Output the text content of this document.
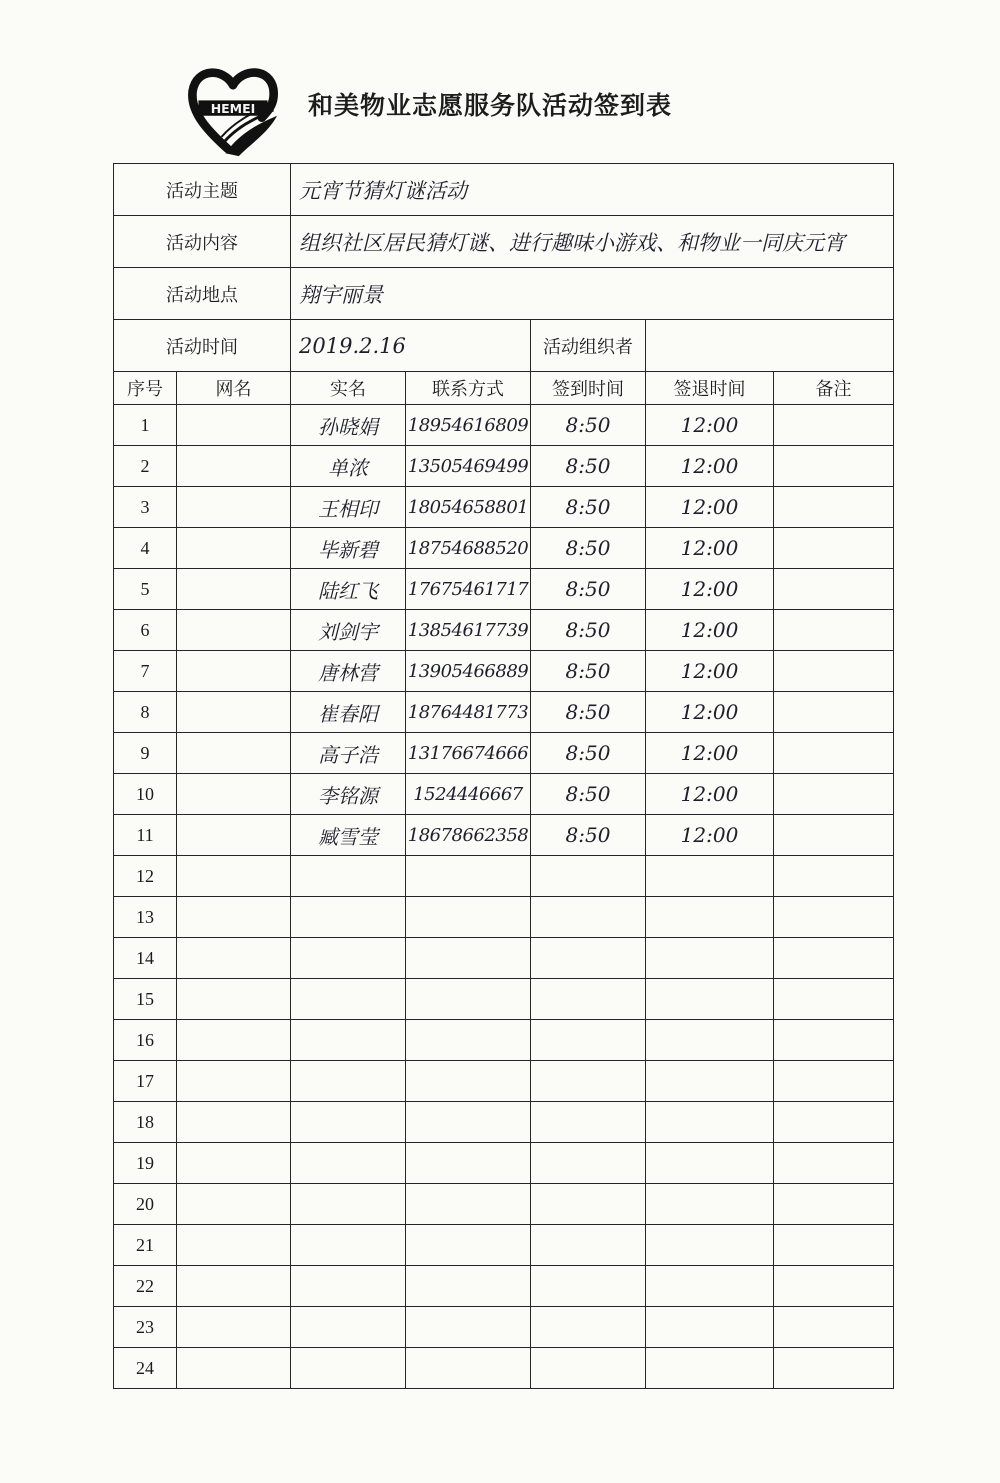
HEMEI 和美物业志愿服务队活动签到表
活动主题		元宵节猜灯谜活动				
活动内容		组织社区居民猜灯谜、进行趣味小游戏、和物业一同庆元宵				
活动地点		翔宇丽景				
活动时间		2019.2.16		活动组织者		
序号	网名	实名	联系方式	签到时间	签退时间	备注
1		孙晓娟	18954616809	8:50	12:00	
2		单浓	13505469499	8:50	12:00	
3		王相印	18054658801	8:50	12:00	
4		毕新碧	18754688520	8:50	12:00	
5		陆红飞	17675461717	8:50	12:00	
6		刘剑宇	13854617739	8:50	12:00	
7		唐林营	13905466889	8:50	12:00	
8		崔春阳	18764481773	8:50	12:00	
9		高子浩	13176674666	8:50	12:00	
10		李铭源	1524446667	8:50	12:00	
11		臧雪莹	18678662358	8:50	12:00	
12						
13						
14						
15						
16						
17						
18						
19						
20						
21						
22						
23						
24						
